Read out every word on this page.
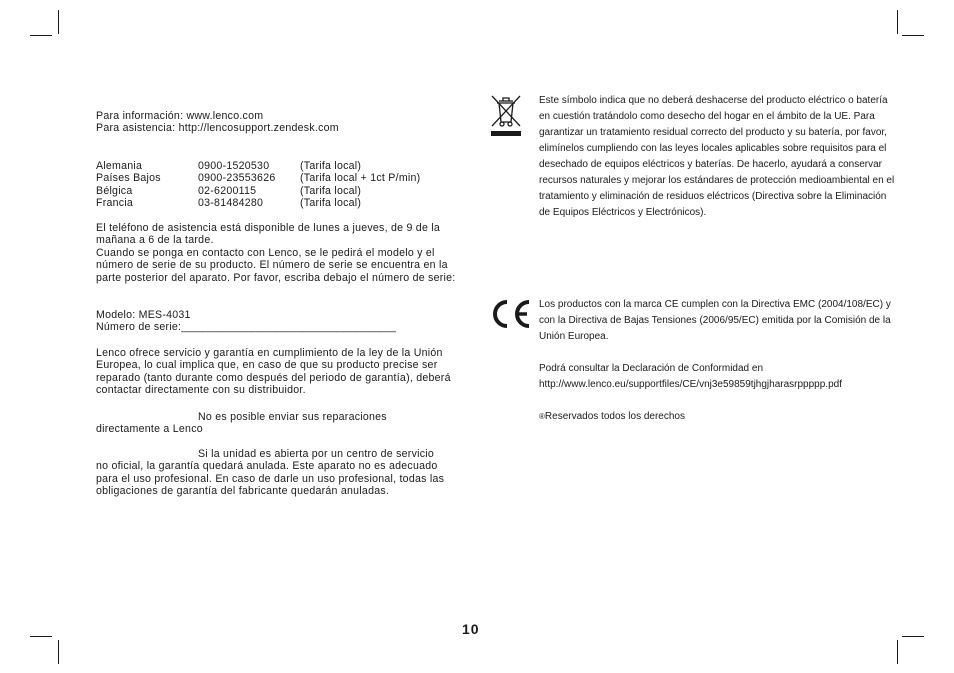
Para información: www.lenco.com

Para asistencia: http://lencosupport.zendesk.com

Alemania	0900-1520530	(Tarifa local)
Países Bajos	0900-23553626 (Tarifa local + 1ct P/min)
Bélgica	02-6200115	(Tarifa local)
Francia	03-81484280	(Tarifa local)

El teléfono de asistencia está disponible de lunes a jueves, de 9 de la mañana a 6 de la tarde.

Cuando se ponga en contacto con Lenco, se le pedirá el modelo y el número de serie de su producto. El número de serie se encuentra en la parte posterior del aparato. Por favor, escriba debajo el número de serie:

Modelo: MES-4031

Número de serie:___________________________________

Lenco ofrece servicio y garantía en cumplimiento de la ley de la Unión Europea, lo cual implica que, en caso de que su producto precise ser reparado (tanto durante como después del periodo de garantía), deberá contactar directamente con su distribuidor.

No es posible enviar sus reparaciones

directamente a Lenco

Si la unidad es abierta por un centro de servicio

no oficial, la garantía quedará anulada. Este aparato no es adecuado para el uso profesional. En caso de darle un uso profesional, todas las obligaciones de garantía del fabricante quedarán anuladas.

Este símbolo indica que no deberá deshacerse del producto eléctrico o batería en cuestión tratándolo como desecho del hogar en el ámbito de la UE. Para garantizar un tratamiento residual correcto del producto y su batería, por favor, elimínelos cumpliendo con las leyes locales aplicables sobre requisitos para el desechado de equipos eléctricos y baterías. De hacerlo, ayudará a conservar recursos naturales y mejorar los estándares de protección medioambiental en el tratamiento y eliminación de residuos eléctricos (Directiva sobre la Eliminación de Equipos Eléctricos y Electrónicos).

Los productos con la marca CE cumplen con la Directiva EMC (2004/108/EC) y con la Directiva de Bajas Tensiones (2006/95/EC) emitida por la Comisión de la Unión Europea.

Podrá consultar la Declaración de Conformidad en

http://www.lenco.eu/supportfiles/CE/vnj3e59859tjhgjharasrppppp.pdf

®Reservados todos los derechos

10
